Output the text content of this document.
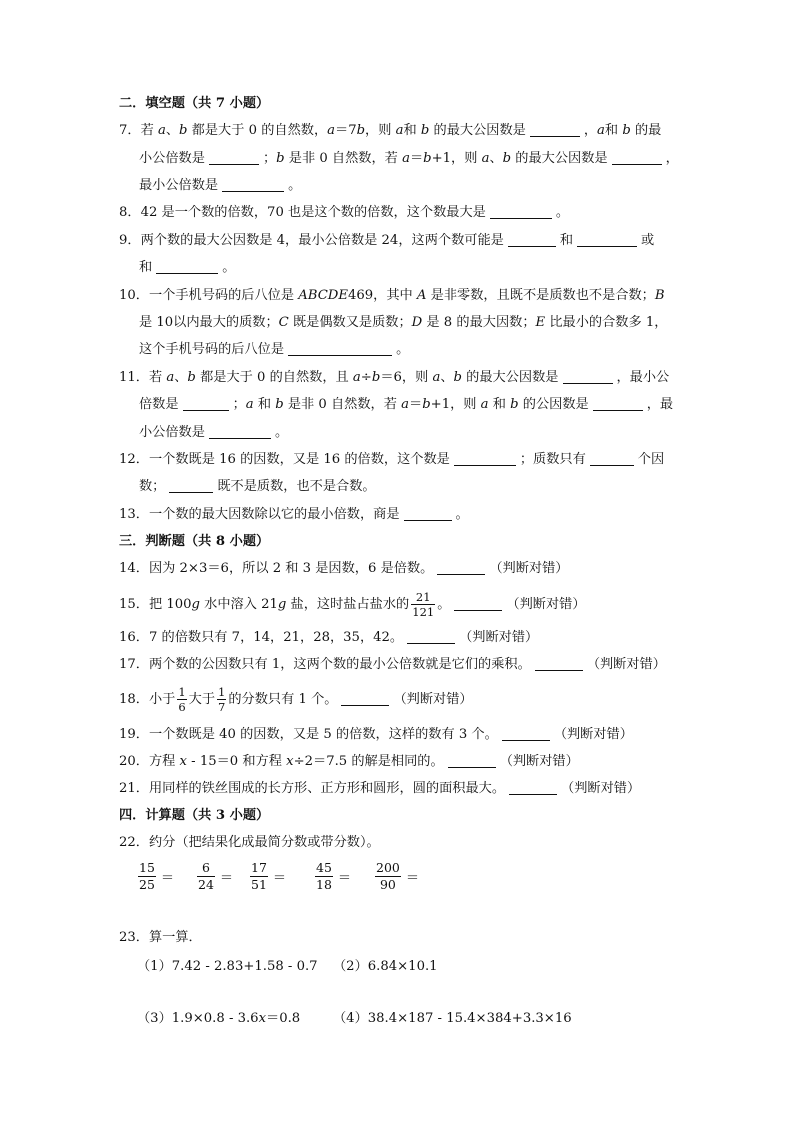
二．填空题（共 7 小题）
7．若 a、b 都是大于 0 的自然数，a＝7b，则 a和 b 的最大公因数是	，a和 b 的最
小公倍数是	；b 是非 0 自然数，若 a＝b+1，则 a、b 的最大公因数是	，
最小公倍数是	。
8．42 是一个数的倍数，70 也是这个数的倍数，这个数最大是	。
9．两个数的最大公因数是 4，最小公倍数是 24，这两个数可能是	和	或
和	。
10．一个手机号码的后八位是 ABCDE469，其中 A 是非零数，且既不是质数也不是合数；B
是 10以内最大的质数；C 既是偶数又是质数；D 是 8 的最大因数；E 比最小的合数多 1，
这个手机号码的后八位是	。
11．若 a、b 都是大于 0 的自然数，且 a÷b＝6，则 a、b 的最大公因数是	，最小公
倍数是	；a 和 b 是非 0 自然数，若 a＝b+1，则 a 和 b 的公因数是	，最
小公倍数是	。
12．一个数既是 16 的因数，又是 16 的倍数，这个数是	；质数只有	个因
数；	既不是质数，也不是合数。
13．一个数的最大因数除以它的最小倍数，商是	。
三．判断题（共 8 小题）
14．因为 2×3＝6，所以 2 和 3 是因数，6 是倍数。	（判断对错）
15．把 100g 水中溶入 21g 盐，这时盐占盐水的 $\frac{21}{121}$ 。	（判断对错）
16．7 的倍数只有 7，14，21，28，35，42。	（判断对错）
17．两个数的公因数只有 1，这两个数的最小公倍数就是它们的乘积。	（判断对错）
18．小于 $\frac{1}{6}$ 大于 $\frac{1}{7}$ 的分数只有 1 个。	（判断对错）
19．一个数既是 40 的因数，又是 5 的倍数，这样的数有 3 个。	（判断对错）
20．方程 x - 15＝0 和方程 x÷2＝7.5 的解是相同的。	（判断对错）
21．用同样的铁丝围成的长方形、正方形和圆形，圆的面积最大。	（判断对错）
四．计算题（共 3 小题）
22．约分（把结果化成最简分数或带分数）。
$\frac{15}{25} = \frac{6}{24} = \frac{17}{51} = \frac{45}{18} = \frac{200}{90}$ ＝
23．算一算．
（1）7.42 - 2.83+1.58 - 0.7 （2）6.84×10.1
（3）1.9×0.8 - 3.6x＝0.8 （4）38.4×187 - 15.4×384+3.3×16
